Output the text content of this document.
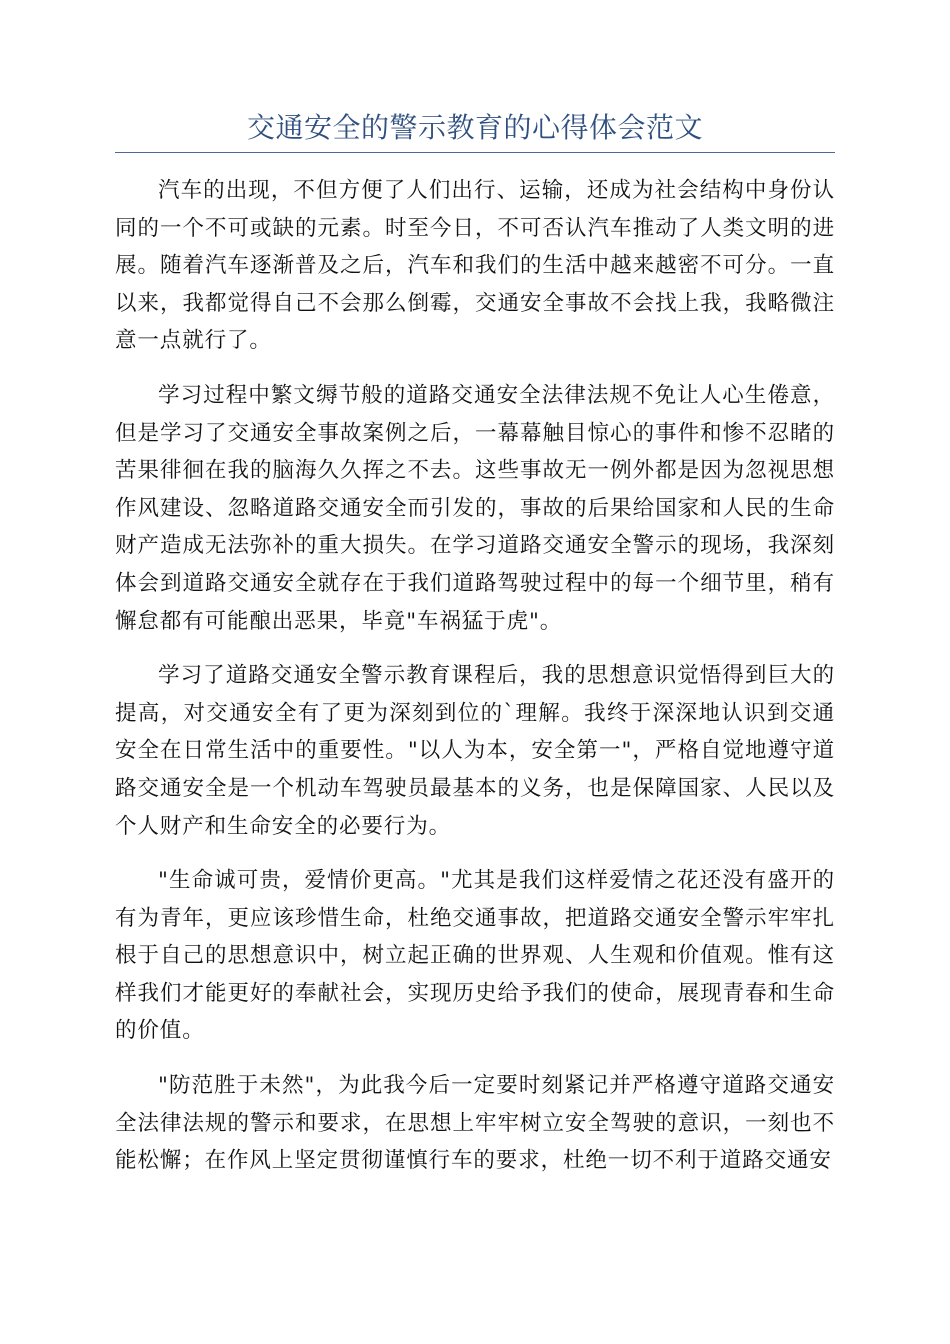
交通安全的警示教育的心得体会范文

汽车的出现，不但方便了人们出行、运输，还成为社会结构中身份认同的一个不可或缺的元素。时至今日，不可否认汽车推动了人类文明的进展。随着汽车逐渐普及之后，汽车和我们的生活中越来越密不可分。一直以来，我都觉得自己不会那么倒霉，交通安全事故不会找上我，我略微注意一点就行了。

学习过程中繁文缛节般的道路交通安全法律法规不免让人心生倦意，但是学习了交通安全事故案例之后，一幕幕触目惊心的事件和惨不忍睹的苦果徘徊在我的脑海久久挥之不去。这些事故无一例外都是因为忽视思想作风建设、忽略道路交通安全而引发的，事故的后果给国家和人民的生命财产造成无法弥补的重大损失。在学习道路交通安全警示的现场，我深刻体会到道路交通安全就存在于我们道路驾驶过程中的每一个细节里，稍有懈怠都有可能酿出恶果，毕竟"车祸猛于虎"。

学习了道路交通安全警示教育课程后，我的思想意识觉悟得到巨大的提高，对交通安全有了更为深刻到位的`理解。我终于深深地认识到交通安全在日常生活中的重要性。"以人为本，安全第一"，严格自觉地遵守道路交通安全是一个机动车驾驶员最基本的义务，也是保障国家、人民以及个人财产和生命安全的必要行为。

"生命诚可贵，爱情价更高。"尤其是我们这样爱情之花还没有盛开的有为青年，更应该珍惜生命，杜绝交通事故，把道路交通安全警示牢牢扎根于自己的思想意识中，树立起正确的世界观、人生观和价值观。惟有这样我们才能更好的奉献社会，实现历史给予我们的使命，展现青春和生命的价值。

"防范胜于未然"，为此我今后一定要时刻紧记并严格遵守道路交通安全法律法规的警示和要求，在思想上牢牢树立安全驾驶的意识，一刻也不能松懈；在作风上坚定贯彻谨慎行车的要求，杜绝一切不利于道路交通安
